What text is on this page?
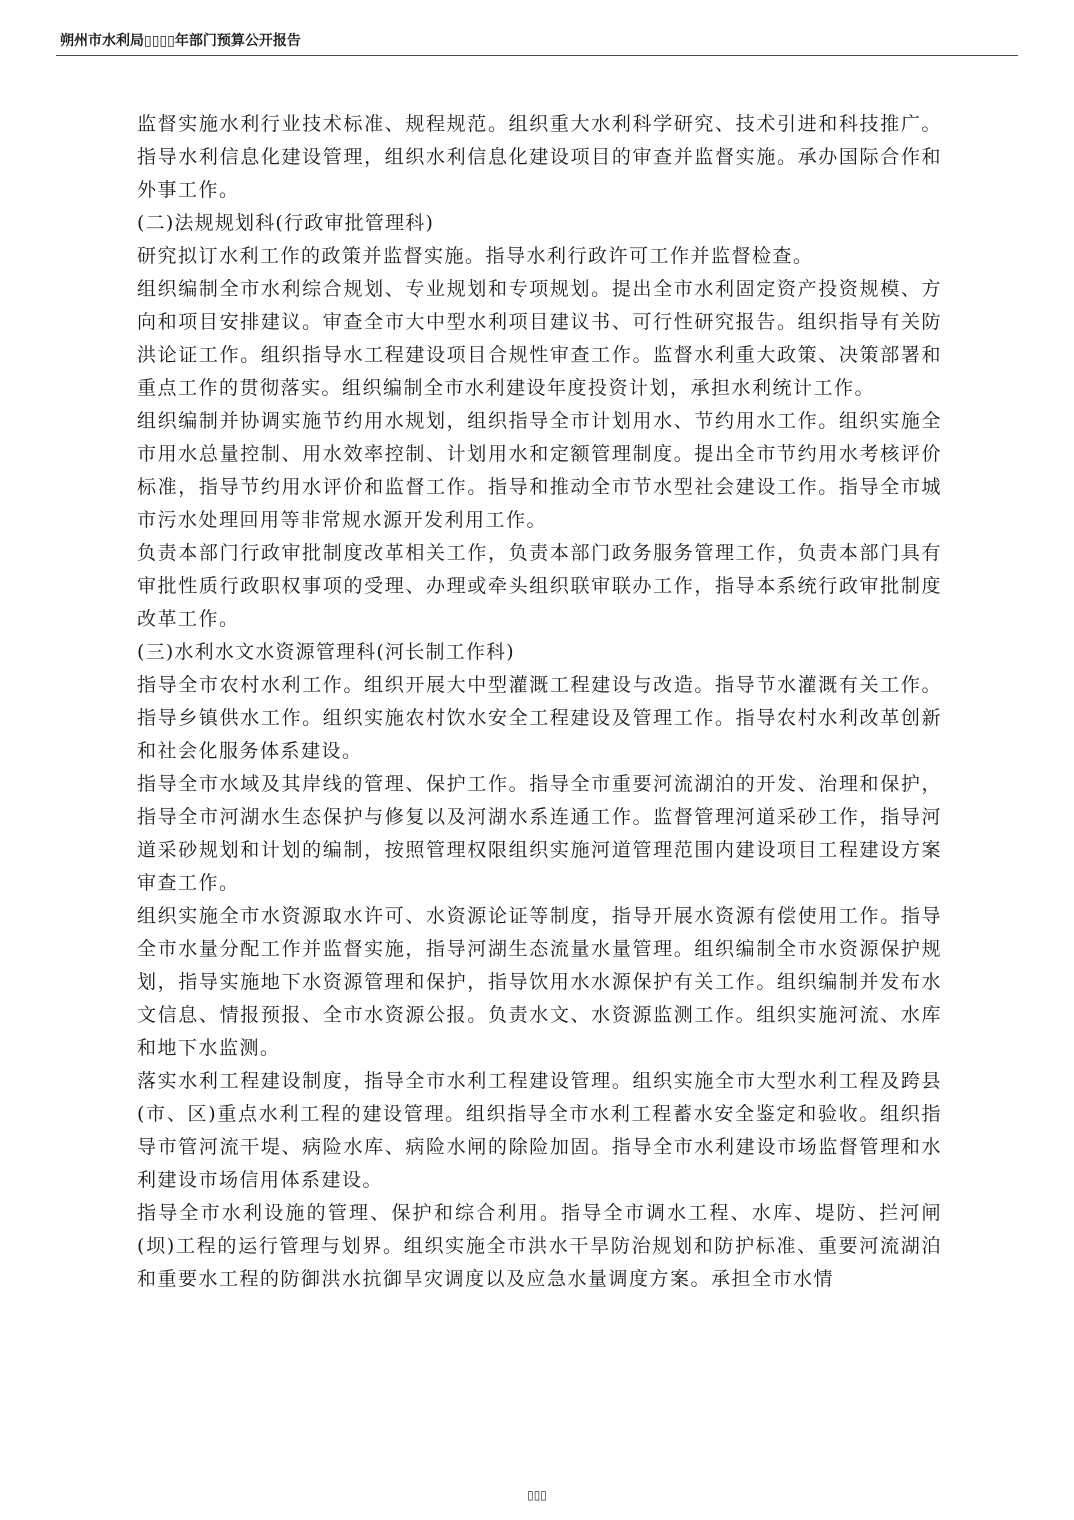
朔州市水利局▯▯▯▯年部门预算公开报告

监督实施水利行业技术标准、规程规范。组织重大水利科学研究、技术引进和科技推广。指导水利信息化建设管理，组织水利信息化建设项目的审查并监督实施。承办国际合作和外事工作。

(二)法规规划科(行政审批管理科)

研究拟订水利工作的政策并监督实施。指导水利行政许可工作并监督检查。

组织编制全市水利综合规划、专业规划和专项规划。提出全市水利固定资产投资规模、方向和项目安排建议。审查全市大中型水利项目建议书、可行性研究报告。组织指导有关防洪论证工作。组织指导水工程建设项目合规性审查工作。监督水利重大政策、决策部署和重点工作的贯彻落实。组织编制全市水利建设年度投资计划，承担水利统计工作。

组织编制并协调实施节约用水规划，组织指导全市计划用水、节约用水工作。组织实施全市用水总量控制、用水效率控制、计划用水和定额管理制度。提出全市节约用水考核评价标准，指导节约用水评价和监督工作。指导和推动全市节水型社会建设工作。指导全市城市污水处理回用等非常规水源开发利用工作。

负责本部门行政审批制度改革相关工作，负责本部门政务服务管理工作，负责本部门具有审批性质行政职权事项的受理、办理或牵头组织联审联办工作，指导本系统行政审批制度改革工作。

(三)水利水文水资源管理科(河长制工作科)

指导全市农村水利工作。组织开展大中型灌溉工程建设与改造。指导节水灌溉有关工作。指导乡镇供水工作。组织实施农村饮水安全工程建设及管理工作。指导农村水利改革创新和社会化服务体系建设。

指导全市水域及其岸线的管理、保护工作。指导全市重要河流湖泊的开发、治理和保护，指导全市河湖水生态保护与修复以及河湖水系连通工作。监督管理河道采砂工作，指导河道采砂规划和计划的编制，按照管理权限组织实施河道管理范围内建设项目工程建设方案审查工作。

组织实施全市水资源取水许可、水资源论证等制度，指导开展水资源有偿使用工作。指导全市水量分配工作并监督实施，指导河湖生态流量水量管理。组织编制全市水资源保护规划，指导实施地下水资源管理和保护，指导饮用水水源保护有关工作。组织编制并发布水文信息、情报预报、全市水资源公报。负责水文、水资源监测工作。组织实施河流、水库和地下水监测。

落实水利工程建设制度，指导全市水利工程建设管理。组织实施全市大型水利工程及跨县(市、区)重点水利工程的建设管理。组织指导全市水利工程蓄水安全鉴定和验收。组织指导市管河流干堤、病险水库、病险水闸的除险加固。指导全市水利建设市场监督管理和水利建设市场信用体系建设。

指导全市水利设施的管理、保护和综合利用。指导全市调水工程、水库、堤防、拦河闸(坝)工程的运行管理与划界。组织实施全市洪水干旱防治规划和防护标准、重要河流湖泊和重要水工程的防御洪水抗御旱灾调度以及应急水量调度方案。承担全市水情

▯▯▯
